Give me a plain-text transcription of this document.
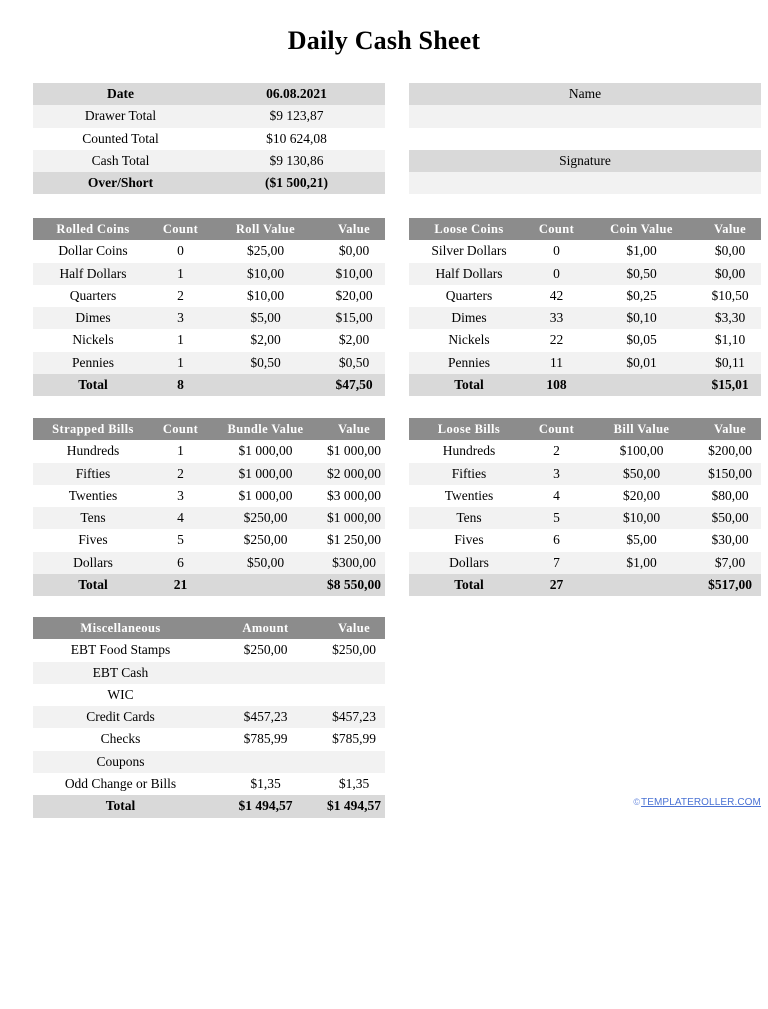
Daily Cash Sheet
Date	06.08.2021
Drawer Total	$9 123,87
Counted Total	$10 624,08
Cash Total	$9 130,86
Over/Short	($1 500,21)
Name

Signature

Rolled Coins	Count	Roll Value	Value
Dollar Coins	0	$25,00	$0,00
Half Dollars	1	$10,00	$10,00
Quarters	2	$10,00	$20,00
Dimes	3	$5,00	$15,00
Nickels	1	$2,00	$2,00
Pennies	1	$0,50	$0,50
Total	8		$47,50
Loose Coins	Count	Coin Value	Value
Silver Dollars	0	$1,00	$0,00
Half Dollars	0	$0,50	$0,00
Quarters	42	$0,25	$10,50
Dimes	33	$0,10	$3,30
Nickels	22	$0,05	$1,10
Pennies	11	$0,01	$0,11
Total	108		$15,01
Strapped Bills	Count	Bundle Value	Value
Hundreds	1	$1 000,00	$1 000,00
Fifties	2	$1 000,00	$2 000,00
Twenties	3	$1 000,00	$3 000,00
Tens	4	$250,00	$1 000,00
Fives	5	$250,00	$1 250,00
Dollars	6	$50,00	$300,00
Total	21		$8 550,00
Loose Bills	Count	Bill Value	Value
Hundreds	2	$100,00	$200,00
Fifties	3	$50,00	$150,00
Twenties	4	$20,00	$80,00
Tens	5	$10,00	$50,00
Fives	6	$5,00	$30,00
Dollars	7	$1,00	$7,00
Total	27		$517,00
Miscellaneous	Amount	Value
EBT Food Stamps	$250,00	$250,00
EBT Cash		
WIC		
Credit Cards	$457,23	$457,23
Checks	$785,99	$785,99
Coupons		
Odd Change or Bills	$1,35	$1,35
Total	$1 494,57	$1 494,57	©TEMPLATEROLLER.COM
